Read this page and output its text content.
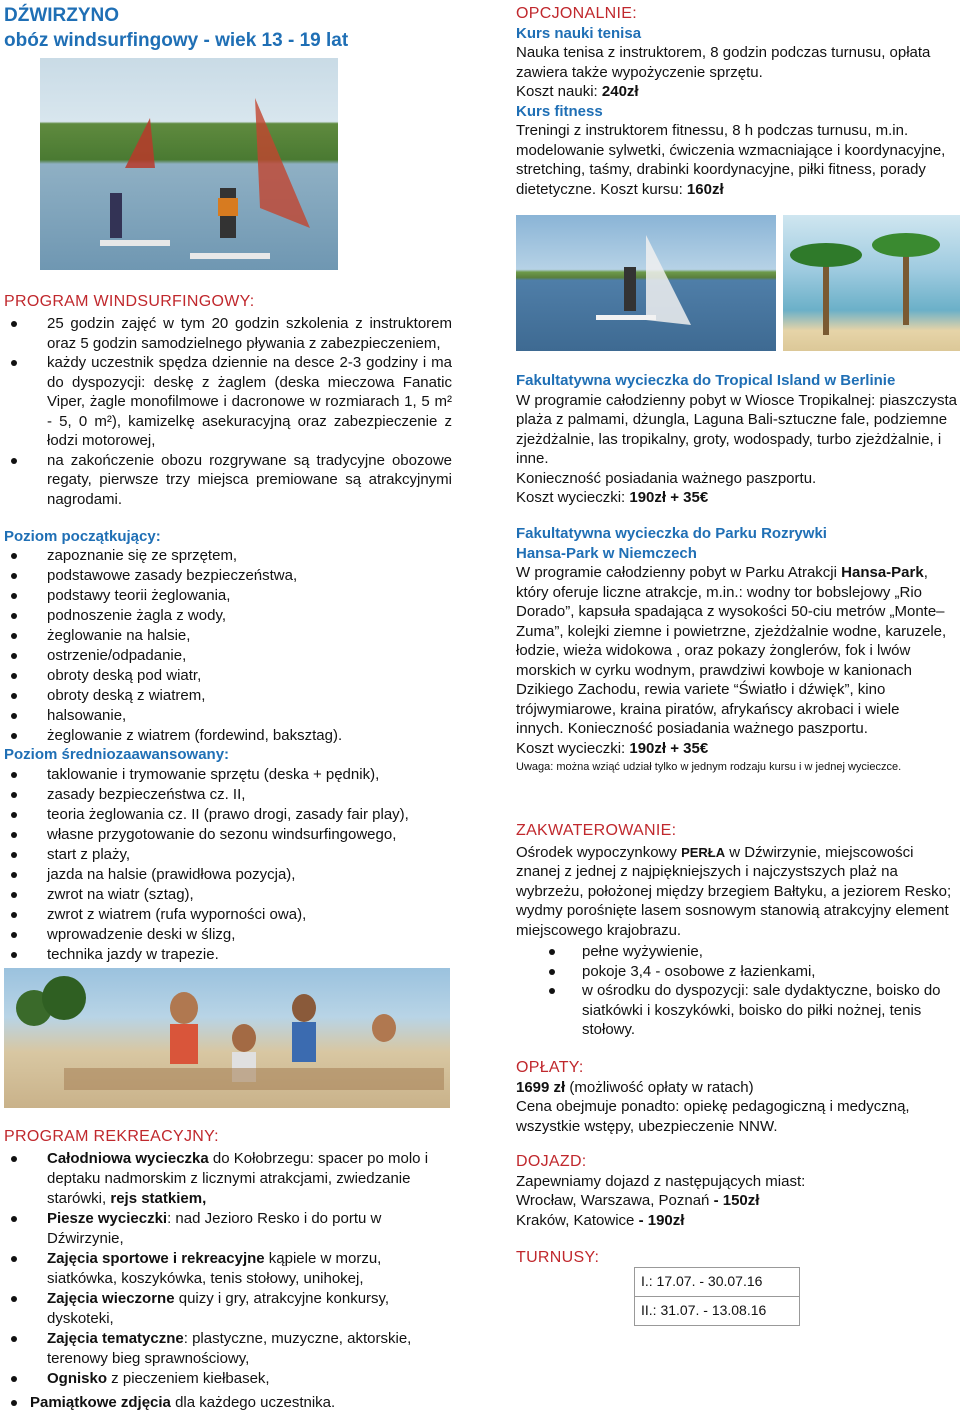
DŹWIRZYNO
obóz windsurfingowy - wiek 13 - 19 lat
PROGRAM WINDSURFINGOWY:
25 godzin zajęć w tym 20 godzin szkolenia z instruktorem oraz 5 godzin samodzielnego pływania z zabezpieczeniem,
każdy uczestnik spędza dziennie na desce 2-3 godziny i ma do dyspozycji: deskę z żaglem (deska mieczowa Fanatic Viper, żagle monofilmowe i dacronowe w rozmiarach 1, 5 m² - 5, 0 m²), kamizelkę asekuracyjną oraz zabezpieczenie z łodzi motorowej,
na zakończenie obozu rozgrywane są tradycyjne obozowe regaty, pierwsze trzy miejsca premiowane są atrakcyjnymi nagrodami.
Poziom początkujący:
zapoznanie się ze sprzętem,
podstawowe zasady bezpieczeństwa,
podstawy teorii żeglowania,
podnoszenie żagla z wody,
żeglowanie na halsie,
ostrzenie/odpadanie,
obroty deską pod wiatr,
obroty deską z wiatrem,
halsowanie,
żeglowanie z wiatrem (fordewind, baksztag).
Poziom średniozaawansowany:
taklowanie i trymowanie sprzętu (deska + pędnik),
zasady bezpieczeństwa cz. II,
teoria żeglowania cz. II (prawo drogi, zasady fair play),
własne przygotowanie do sezonu windsurfingowego,
start z plaży,
jazda na halsie (prawidłowa pozycja),
zwrot na wiatr (sztag),
zwrot z wiatrem (rufa wyporności owa),
wprowadzenie deski w ślizg,
technika jazdy w trapezie.
PROGRAM REKREACYJNY:
Całodniowa wycieczka do Kołobrzegu: spacer po molo i deptaku nadmorskim z licznymi atrakcjami, zwiedzanie starówki, rejs statkiem,
Piesze wycieczki: nad Jezioro Resko i do portu w Dźwirzynie,
Zajęcia sportowe i rekreacyjne kąpiele w morzu, siatkówka, koszykówka, tenis stołowy, unihokej,
Zajęcia wieczorne quizy i gry, atrakcyjne konkursy, dyskoteki,
Zajęcia tematyczne: plastyczne, muzyczne, aktorskie, terenowy bieg sprawnościowy,
Ognisko z pieczeniem kiełbasek,
Pamiątkowe zdjęcia dla każdego uczestnika.
OPCJONALNIE:
Kurs nauki tenisa

Nauka tenisa z instruktorem, 8 godzin podczas turnusu, opłata zawiera także wypożyczenie sprzętu.

Koszt nauki: 240zł

Kurs fitness

Treningi z instruktorem fitnessu, 8 h podczas turnusu, m.in. modelowanie sylwetki, ćwiczenia wzmacniające i koordynacyjne, stretching, taśmy, drabinki koordynacyjne, piłki fitness, porady dietetyczne. Koszt kursu: 160zł

Fakultatywna wycieczka do Tropical Island w Berlinie

W programie całodzienny pobyt w Wiosce Tropikalnej: piaszczysta plaża z palmami, dżungla, Laguna Bali-sztuczne fale, podziemne zjeżdżalnie, las tropikalny, groty, wodospady, turbo zjeżdżalnie, i inne.

Konieczność posiadania ważnego paszportu.

Koszt wycieczki: 190zł + 35€

Fakultatywna wycieczka do Parku Rozrywki
Hansa-Park w Niemczech

W programie całodzienny pobyt w Parku Atrakcji Hansa-Park, który oferuje liczne atrakcje, m.in.: wodny tor bobslejowy „Rio Dorado”, kapsuła spadająca z wysokości 50-ciu metrów „Monte–Zuma”, kolejki ziemne i powietrzne, zjeżdżalnie wodne, karuzele, łodzie, wieża widokowa , oraz pokazy żonglerów, fok i lwów morskich w cyrku wodnym, prawdziwi kowboje w kanionach Dzikiego Zachodu, rewia variete “Światło i dźwięk”, kino trójwymiarowe, kraina piratów, afrykańscy akrobaci i wiele innych. Konieczność posiadania ważnego paszportu.

Koszt wycieczki: 190zł + 35€

Uwaga: można wziąć udział tylko w jednym rodzaju kursu i w jednej wycieczce.

ZAKWATEROWANIE:

Ośrodek wypoczynkowy PERŁA w Dźwirzynie, miejscowości znanej z jednej z najpiękniejszych i najczystszych plaż na wybrzeżu, położonej między brzegiem Bałtyku, a jeziorem Resko; wydmy porośnięte lasem sosnowym stanowią atrakcyjny element miejscowego krajobrazu.

pełne wyżywienie,
pokoje 3,4 - osobowe z łazienkami,
w ośrodku do dyspozycji: sale dydaktyczne, boisko do siatkówki i koszykówki, boisko do piłki nożnej, tenis stołowy.
OPŁATY:

1699 zł (możliwość opłaty w ratach)

Cena obejmuje ponadto: opiekę pedagogiczną i medyczną, wszystkie wstępy, ubezpieczenie NNW.

DOJAZD:

Zapewniamy dojazd z następujących miast:

Wrocław, Warszawa, Poznań - 150zł

Kraków, Katowice - 190zł

TURNUSY:
I.: 17.07. - 30.07.16
II.: 31.07. - 13.08.16
